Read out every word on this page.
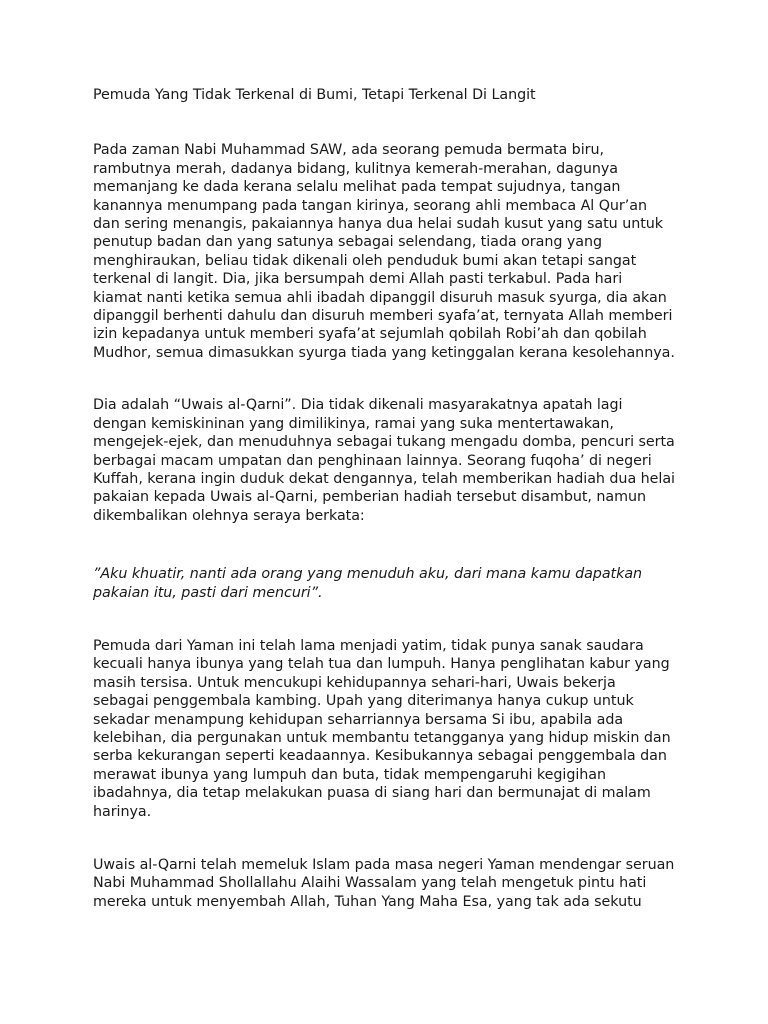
Pemuda Yang Tidak Terkenal di Bumi, Tetapi Terkenal Di Langit
Pada zaman Nabi Muhammad SAW, ada seorang pemuda bermata biru,
rambutnya merah, dadanya bidang, kulitnya kemerah-merahan, dagunya
memanjang ke dada kerana selalu melihat pada tempat sujudnya, tangan
kanannya menumpang pada tangan kirinya, seorang ahli membaca Al Qur’an
dan sering menangis, pakaiannya hanya dua helai sudah kusut yang satu untuk
penutup badan dan yang satunya sebagai selendang, tiada orang yang
menghiraukan, beliau tidak dikenali oleh penduduk bumi akan tetapi sangat
terkenal di langit. Dia, jika bersumpah demi Allah pasti terkabul. Pada hari
kiamat nanti ketika semua ahli ibadah dipanggil disuruh masuk syurga, dia akan
dipanggil berhenti dahulu dan disuruh memberi syafa’at, ternyata Allah memberi
izin kepadanya untuk memberi syafa’at sejumlah qobilah Robi’ah dan qobilah
Mudhor, semua dimasukkan syurga tiada yang ketinggalan kerana kesolehannya.
Dia adalah “Uwais al-Qarni”. Dia tidak dikenali masyarakatnya apatah lagi
dengan kemiskininan yang dimilikinya, ramai yang suka mentertawakan,
mengejek-ejek, dan menuduhnya sebagai tukang mengadu domba, pencuri serta
berbagai macam umpatan dan penghinaan lainnya. Seorang fuqoha’ di negeri
Kuffah, kerana ingin duduk dekat dengannya, telah memberikan hadiah dua helai
pakaian kepada Uwais al-Qarni, pemberian hadiah tersebut disambut, namun
dikembalikan olehnya seraya berkata:
”Aku khuatir, nanti ada orang yang menuduh aku, dari mana kamu dapatkan
pakaian itu, pasti dari mencuri”.
Pemuda dari Yaman ini telah lama menjadi yatim, tidak punya sanak saudara
kecuali hanya ibunya yang telah tua dan lumpuh. Hanya penglihatan kabur yang
masih tersisa. Untuk mencukupi kehidupannya sehari-hari, Uwais bekerja
sebagai penggembala kambing. Upah yang diterimanya hanya cukup untuk
sekadar menampung kehidupan seharriannya bersama Si ibu, apabila ada
kelebihan, dia pergunakan untuk membantu tetangganya yang hidup miskin dan
serba kekurangan seperti keadaannya. Kesibukannya sebagai penggembala dan
merawat ibunya yang lumpuh dan buta, tidak mempengaruhi kegigihan
ibadahnya, dia tetap melakukan puasa di siang hari dan bermunajat di malam
harinya.
Uwais al-Qarni telah memeluk Islam pada masa negeri Yaman mendengar seruan
Nabi Muhammad Shollallahu Alaihi Wassalam yang telah mengetuk pintu hati
mereka untuk menyembah Allah, Tuhan Yang Maha Esa, yang tak ada sekutu
